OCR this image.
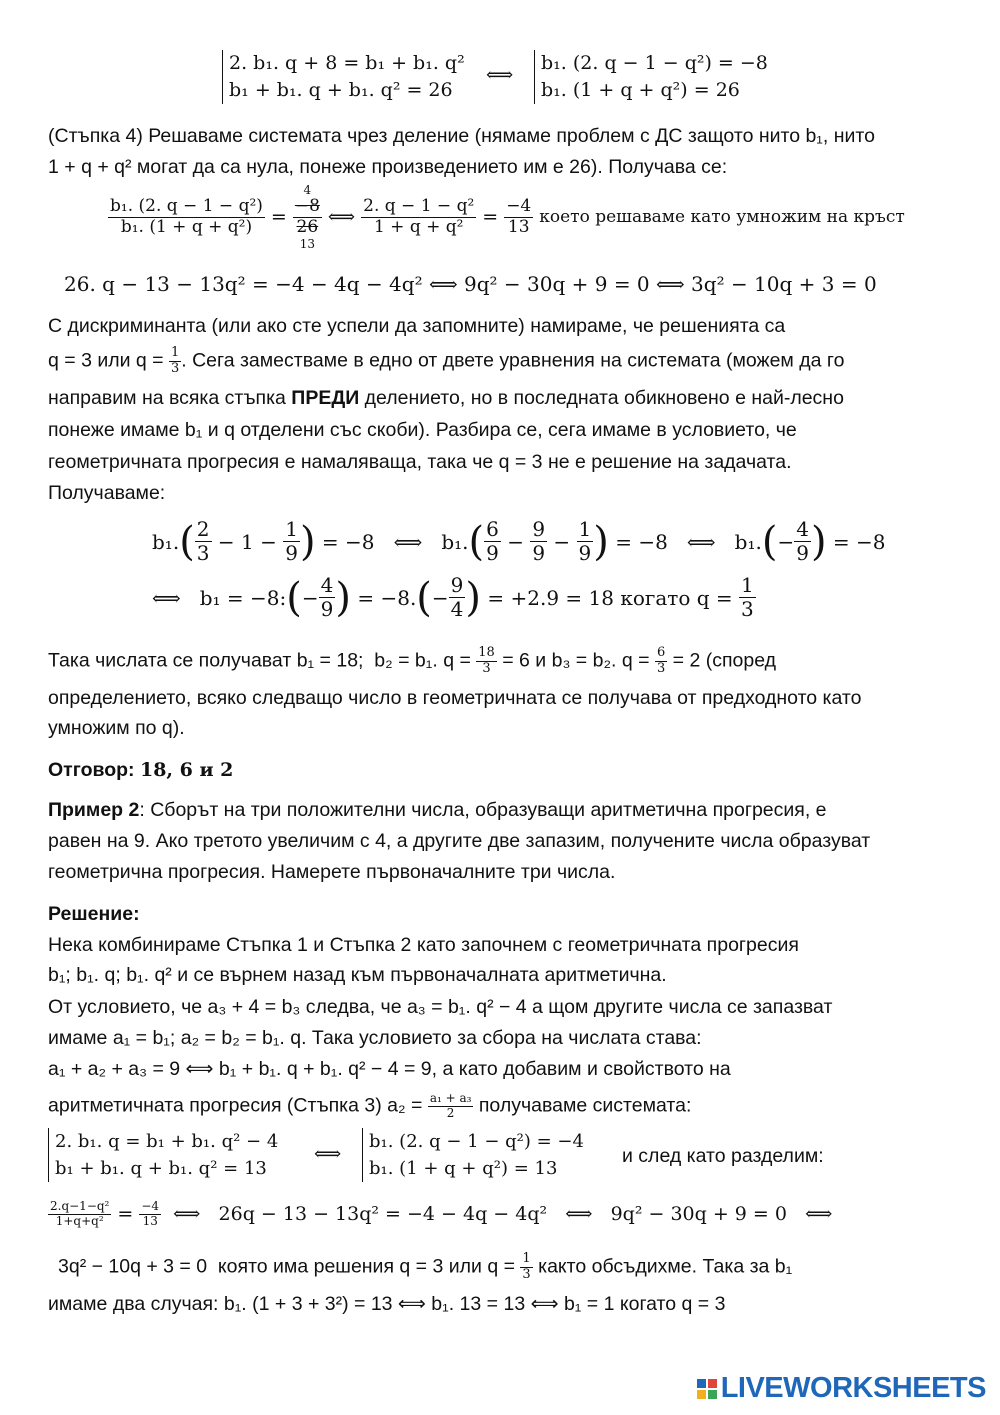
2. b₁. q + 8 = b₁ + b₁. q²
b₁ + b₁. q + b₁. q² = 26
⟺
b₁. (2. q − 1 − q²) = −8
b₁. (1 + q + q²) = 26
(Стъпка 4) Решаваме системата чрез деление (нямаме проблем с ДС защото нито b₁, нито
1 + q + q² могат да са нула, понеже произведението им е 26). Получава се:
$\frac{\text{b₁. (2. q − 1 − q²)}}{\text{b₁. (1 + q + q²)}}$ =
4
$\frac{-8}{26}$
13
⟺ $\frac{\text{2. q − 1 − q²}}{\text{1 + q + q²}} = \frac{-4}{13}$ което решаваме като умножим на кръст
26. q − 13 − 13q² = −4 − 4q − 4q² ⟺ 9q² − 30q + 9 = 0 ⟺ 3q² − 10q + 3 = 0
С дискриминанта (или ако сте успели да запомните) намираме, че решенията са
q = 3 или $q = \frac{1}{3}$ . Сега заместваме в едно от двете уравнения на системата (можем да го
направим на всяка стъпка ПРЕДИ делението, но в последната обикновено е най-лесно
понеже имаме b₁ и q отделени със скоби). Разбира се, сега имаме в условието, че
геометричната прогресия е намаляваща, така че q = 3 не е решение на задачата.
Получаваме:
b₁. ( $\frac{2}{3} - 1 - \frac{1}{9}$ ) = −8   ⟺   b₁. ( $\frac{6}{9} - \frac{9}{9} - \frac{1}{9}$ ) = −8   ⟺   b₁. ( − $\frac{4}{9}$ ) = −8
⟺   b₁ = −8: ( − $\frac{4}{9}$ ) = −8. ( − $\frac{9}{4}$ ) = +2.9 = 18 когато $q = \frac{1}{3}$
Така числата се получават b₁ = 18;  b₂ = b₁. $q = \frac{18}{3} = 6$ и b₃ = b₂. $q = \frac{6}{3} = 2$ (според
определението, всяко следващо число в геометричната се получава от предходното като
умножим по q).
Отговор: 18, 6 и 2
Пример 2: Сборът на три положителни числа, образуващи аритметична прогресия, е
равен на 9. Ако третото увеличим с 4, а другите две запазим, получените числа образуват
геометрична прогресия. Намерете първоначалните три числа.
Решение:
Нека комбинираме Стъпка 1 и Стъпка 2 като започнем с геометричната прогресия
b₁; b₁. q; b₁. q² и се върнем назад към първоначалната аритметична.
От условието, че a₃ + 4 = b₃ следва, че a₃ = b₁. q² − 4 а щом другите числа се запазват
имаме a₁ = b₁; a₂ = b₂ = b₁. q. Така условието за сбора на числата става:
a₁ + a₂ + a₃ = 9 ⟺ b₁ + b₁. q + b₁. q² − 4 = 9, а като добавим и свойството на
аритметичната прогресия (Стъпка 3) $a_2 = \frac{\text{a₁ + a₃}}{2}$ получаваме системата:
2. b₁. q = b₁ + b₁. q² − 4
b₁ + b₁. q + b₁. q² = 13
⟺
b₁. (2. q − 1 − q²) = −4
b₁. (1 + q + q²) = 13
и след като разделим:
$\frac{\text{2.q−1−q²}}{\text{1+q+q²}} = \frac{-4}{13}$ ⟺   26q − 13 − 13q² = −4 − 4q − 4q²   ⟺   9q² − 30q + 9 = 0   ⟺
3q² − 10q + 3 = 0  която има решения q = 3 или $q = \frac{1}{3}$ както обсъдихме. Така за b₁
имаме два случая: b₁. (1 + 3 + 3²) = 13 ⟺ b₁. 13 = 13 ⟺ b₁ = 1 когато q = 3
LIVEWORKSHEETS
